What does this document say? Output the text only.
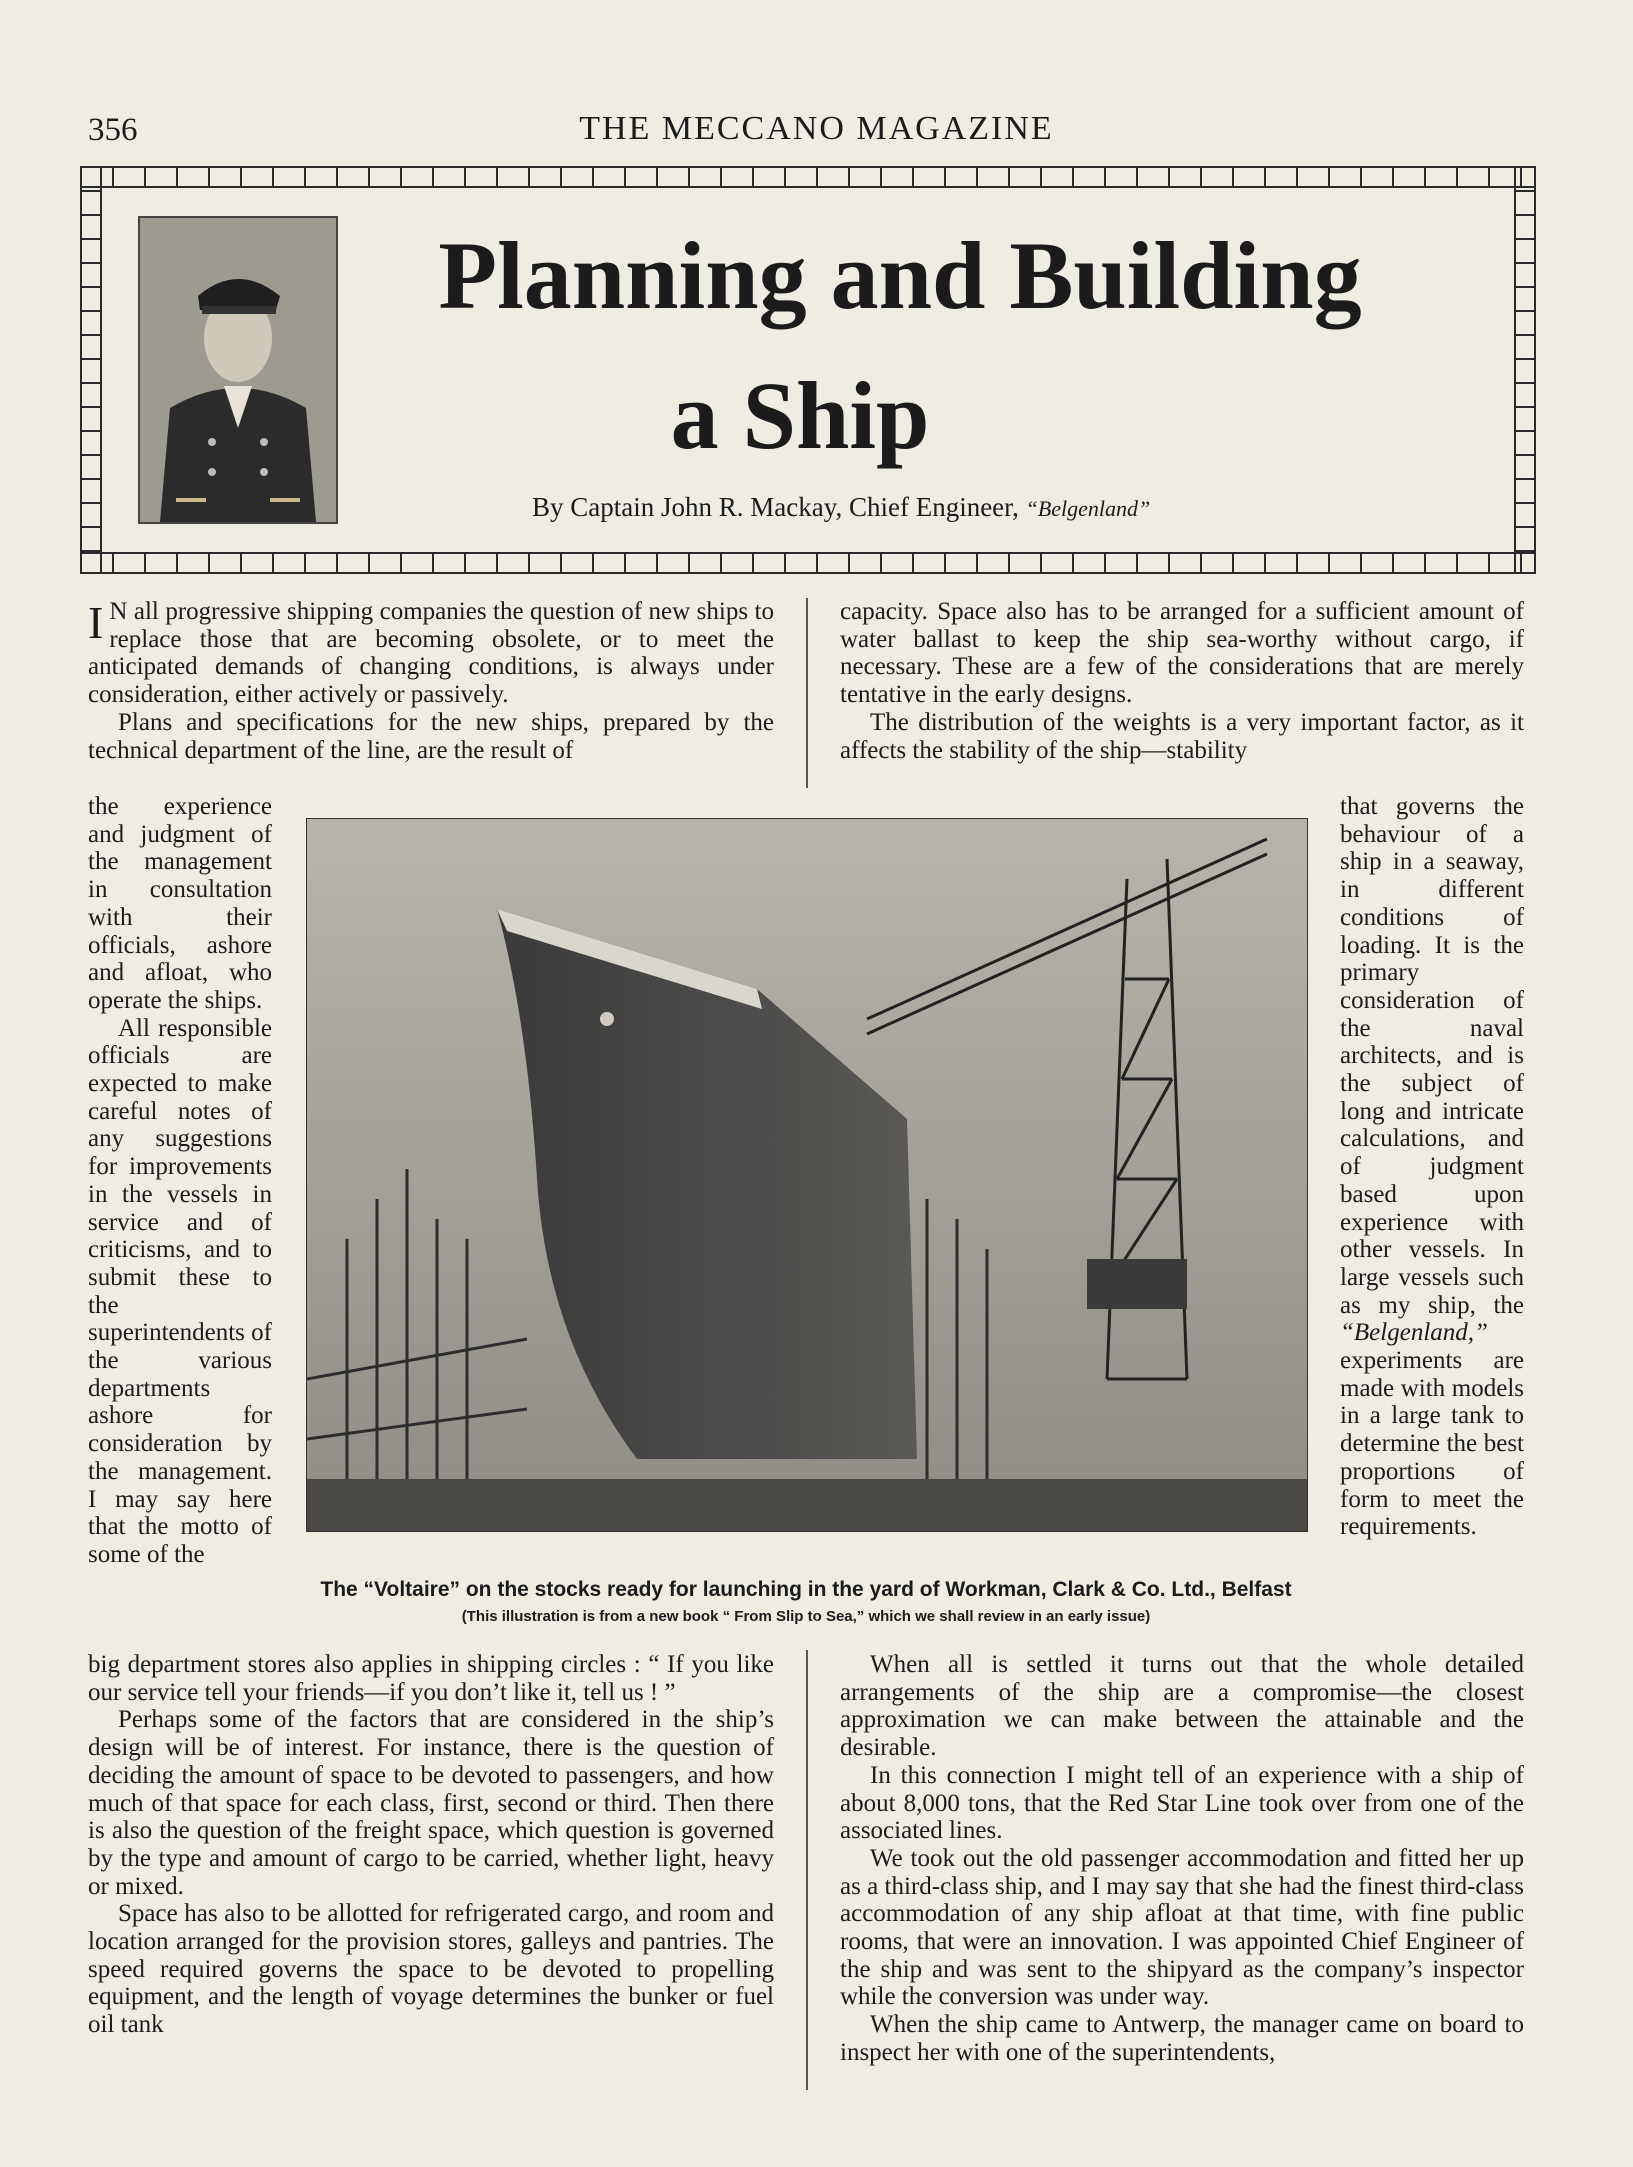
356	THE MECCANO MAGAZINE
Planning and Building
a Ship
By Captain John R. Mackay, Chief Engineer, “Belgenland”

I N all progressive shipping companies the question of new ships to replace those that are becoming obsolete, or to meet the anticipated demands of changing conditions, is always under consideration, either actively or passively.

Plans and specifications for the new ships, prepared by the technical department of the line, are the result of

the experience and judgment of the management in consultation with their officials, ashore and afloat, who operate the ships.

All responsible officials are expected to make careful notes of any suggestions for improvements in the vessels in service and of criticisms, and to submit these to the superintendents of the various departments ashore for consideration by the management. I may say here that the motto of some of the

big department stores also applies in shipping circles : “ If you like our service tell your friends—if you don’t like it, tell us ! ”

Perhaps some of the factors that are considered in the ship’s design will be of interest. For instance, there is the question of deciding the amount of space to be devoted to passengers, and how much of that space for each class, first, second or third. Then there is also the question of the freight space, which question is governed by the type and amount of cargo to be carried, whether light, heavy or mixed.

Space has also to be allotted for refrigerated cargo, and room and location arranged for the provision stores, galleys and pantries. The speed required governs the space to be devoted to propelling equipment, and the length of voyage determines the bunker or fuel oil tank

capacity. Space also has to be arranged for a sufficient amount of water ballast to keep the ship sea-worthy without cargo, if necessary. These are a few of the considerations that are merely tentative in the early designs.

The distribution of the weights is a very important factor, as it affects the stability of the ship—stability

that governs the behaviour of a ship in a seaway, in different conditions of loading. It is the primary consideration of the naval architects, and is the subject of long and intricate calculations, and of judgment based upon experience with other vessels. In large vessels such as my ship, the “Belgenland,” experiments are made with models in a large tank to determine the best proportions of form to meet the requirements.

When all is settled it turns out that the whole detailed arrangements of the ship are a compromise—the closest approximation we can make between the attainable and the desirable.

In this connection I might tell of an experience with a ship of about 8,000 tons, that the Red Star Line took over from one of the associated lines.

We took out the old passenger accommodation and fitted her up as a third-class ship, and I may say that she had the finest third-class accommodation of any ship afloat at that time, with fine public rooms, that were an innovation. I was appointed Chief Engineer of the ship and was sent to the shipyard as the company’s inspector while the conversion was under way.

When the ship came to Antwerp, the manager came on board to inspect her with one of the superintendents,

The “Voltaire” on the stocks ready for launching in the yard of Workman, Clark & Co. Ltd., Belfast
(This illustration is from a new book “ From Slip to Sea,” which we shall review in an early issue)
